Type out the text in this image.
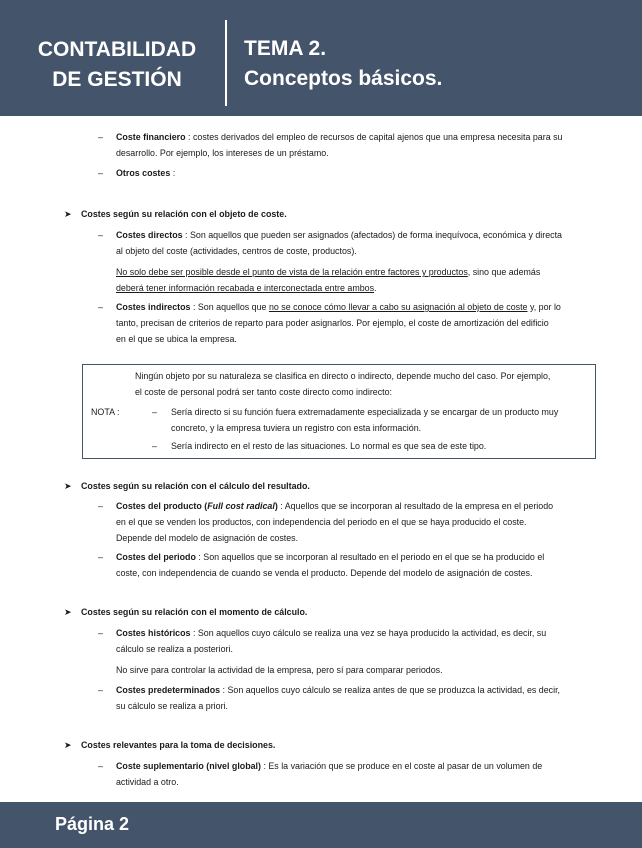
CONTABILIDAD
DE GESTIÓN
TEMA 2.
Conceptos básicos.
– Coste financiero : costes derivados del empleo de recursos de capital ajenos que una empresa necesita para su
desarrollo. Por ejemplo, los intereses de un préstamo.
– Otros costes :
➤ Costes según su relación con el objeto de coste.
– Costes directos : Son aquellos que pueden ser asignados (afectados) de forma inequívoca, económica y directa
al objeto del coste (actividades, centros de coste, productos).
No solo debe ser posible desde el punto de vista de la relación entre factores y productos, sino que además
deberá tener información recabada e interconectada entre ambos.
– Costes indirectos : Son aquellos que no se conoce cómo llevar a cabo su asignación al objeto de coste y, por lo
tanto, precisan de criterios de reparto para poder asignarlos. Por ejemplo, el coste de amortización del edificio
en el que se ubica la empresa.
Ningún objeto por su naturaleza se clasifica en directo o indirecto, depende mucho del caso. Por ejemplo,
el coste de personal podrá ser tanto coste directo como indirecto:
NOTA :	– Sería directo si su función fuera extremadamente especializada y se encargar de un producto muy
concreto, y la empresa tuviera un registro con esta información.
– Sería indirecto en el resto de las situaciones. Lo normal es que sea de este tipo.
➤ Costes según su relación con el cálculo del resultado.
– Costes del producto (Full cost radical) : Aquellos que se incorporan al resultado de la empresa en el periodo
en el que se venden los productos, con independencia del periodo en el que se haya producido el coste.
Depende del modelo de asignación de costes.
– Costes del periodo : Son aquellos que se incorporan al resultado en el periodo en el que se ha producido el
coste, con independencia de cuando se venda el producto. Depende del modelo de asignación de costes.
➤ Costes según su relación con el momento de cálculo.
– Costes históricos : Son aquellos cuyo cálculo se realiza una vez se haya producido la actividad, es decir, su
cálculo se realiza a posteriori.
No sirve para controlar la actividad de la empresa, pero sí para comparar periodos.
– Costes predeterminados : Son aquellos cuyo cálculo se realiza antes de que se produzca la actividad, es decir,
su cálculo se realiza a priori.
➤ Costes relevantes para la toma de decisiones.
– Coste suplementario (nivel global) : Es la variación que se produce en el coste al pasar de un volumen de
actividad a otro.
Página 2
